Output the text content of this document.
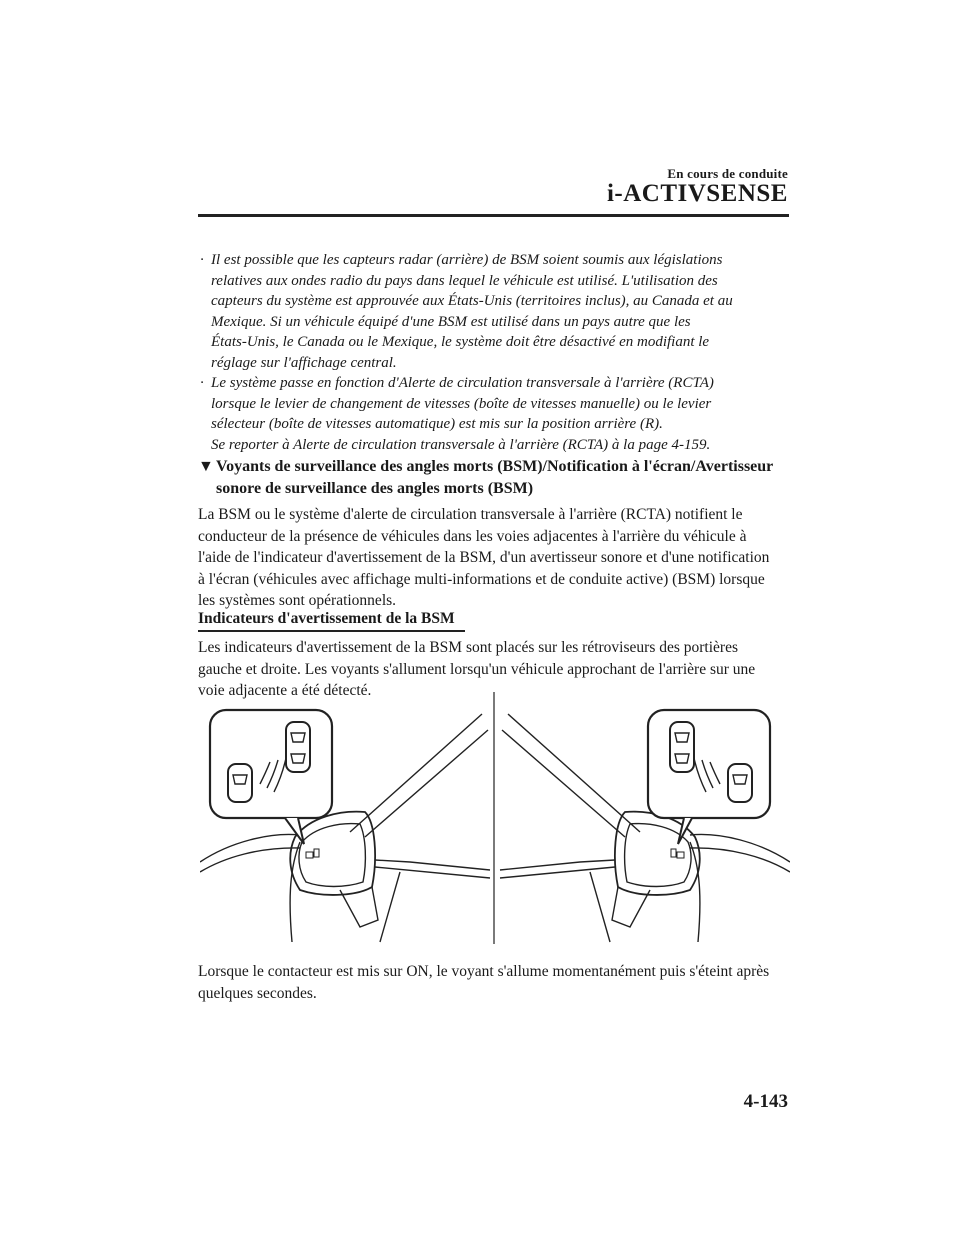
En cours de conduite
i-ACTIVSENSE
· Il est possible que les capteurs radar (arrière) de BSM soient soumis aux législations
relatives aux ondes radio du pays dans lequel le véhicule est utilisé. L'utilisation des
capteurs du système est approuvée aux États-Unis (territoires inclus), au Canada et au
Mexique. Si un véhicule équipé d'une BSM est utilisé dans un pays autre que les
États-Unis, le Canada ou le Mexique, le système doit être désactivé en modifiant le
réglage sur l'affichage central.
· Le système passe en fonction d'Alerte de circulation transversale à l'arrière (RCTA)
lorsque le levier de changement de vitesses (boîte de vitesses manuelle) ou le levier
sélecteur (boîte de vitesses automatique) est mis sur la position arrière (R).
Se reporter à Alerte de circulation transversale à l'arrière (RCTA) à la page 4-159.
▼ Voyants de surveillance des angles morts (BSM)/Notification à l'écran/Avertisseur
sonore de surveillance des angles morts (BSM)
La BSM ou le système d'alerte de circulation transversale à l'arrière (RCTA) notifient le
conducteur de la présence de véhicules dans les voies adjacentes à l'arrière du véhicule à
l'aide de l'indicateur d'avertissement de la BSM, d'un avertisseur sonore et d'une notification
à l'écran (véhicules avec affichage multi-informations et de conduite active) (BSM) lorsque
les systèmes sont opérationnels.
Indicateurs d'avertissement de la BSM
Les indicateurs d'avertissement de la BSM sont placés sur les rétroviseurs des portières
gauche et droite. Les voyants s'allument lorsqu'un véhicule approchant de l'arrière sur une
voie adjacente a été détecté.
Lorsque le contacteur est mis sur ON, le voyant s'allume momentanément puis s'éteint après
quelques secondes.
4-143
